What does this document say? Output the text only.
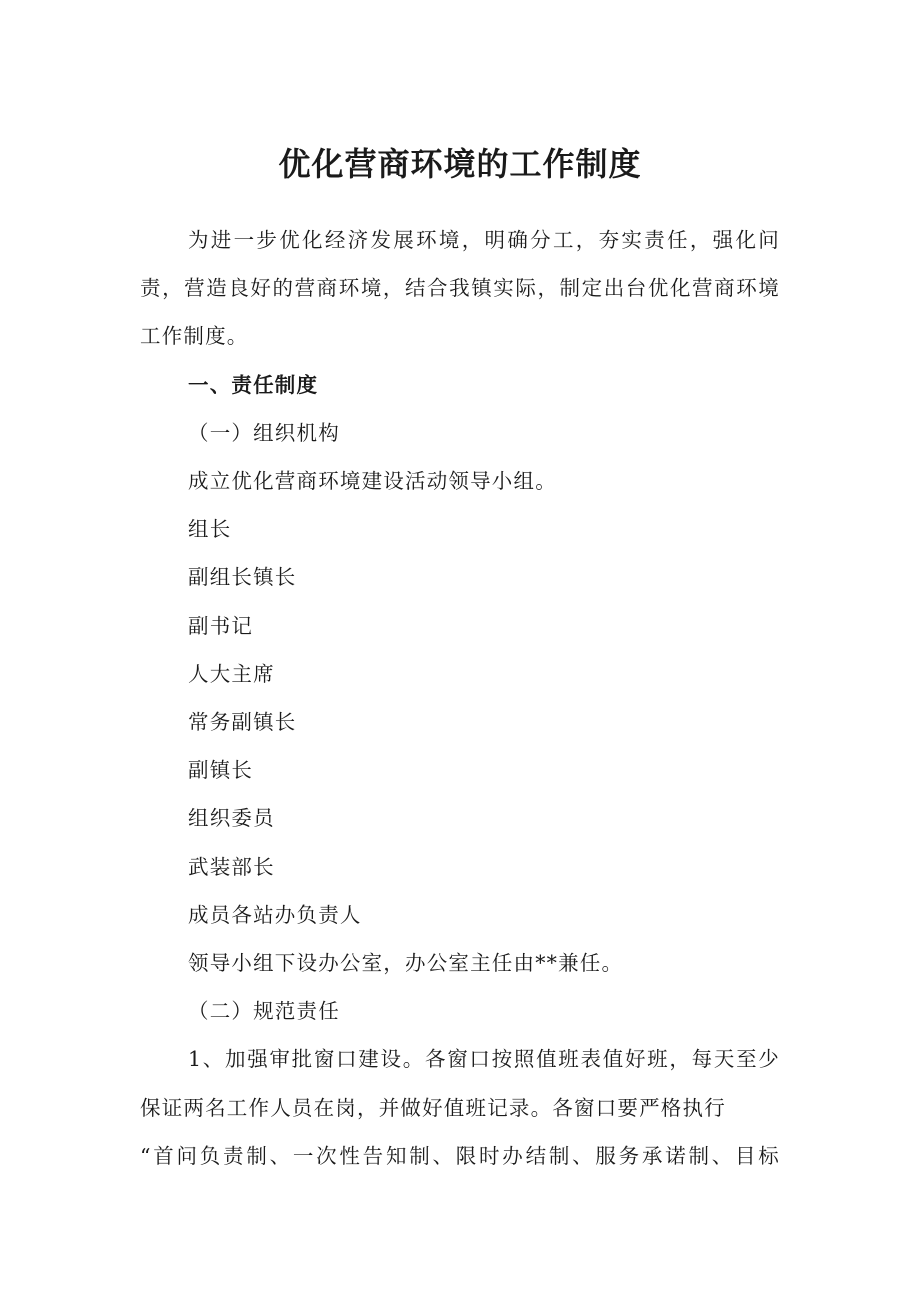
优化营商环境的工作制度

为进一步优化经济发展环境，明确分工，夯实责任，强化问责，营造良好的营商环境，结合我镇实际，制定出台优化营商环境工作制度。

一、责任制度

（一）组织机构

成立优化营商环境建设活动领导小组。

组长

副组长镇长

副书记

人大主席

常务副镇长

副镇长

组织委员

武装部长

成员各站办负责人

领导小组下设办公室，办公室主任由**兼任。

（二）规范责任

1、加强审批窗口建设。各窗口按照值班表值好班，每天至少保证两名工作人员在岗，并做好值班记录。各窗口要严格执行

“首问负责制、一次性告知制、限时办结制、服务承诺制、目标
